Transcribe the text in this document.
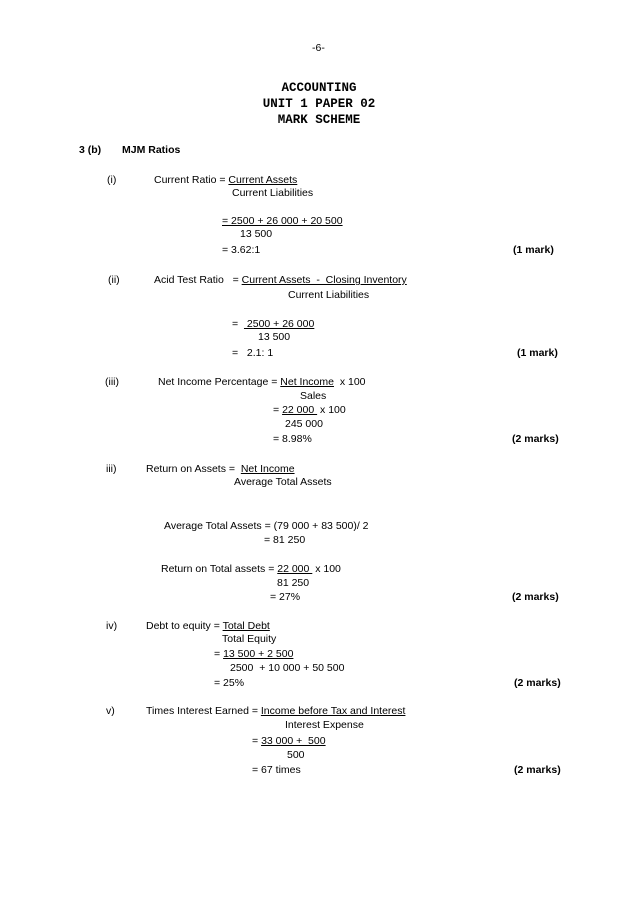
-6-
ACCOUNTING
UNIT 1 PAPER 02
MARK SCHEME
3 (b) MJM Ratios
(i)	Current Ratio = Current Assets
Current Liabilities
= 2500 + 26 000 + 20 500
13 500
= 3.62:1	(1 mark)
(ii)	Acid Test Ratio   = Current Assets  -  Closing Inventory
Current Liabilities
=   2500 + 26 000
13 500
=   2.1: 1	(1 mark)
(iii)	Net Income Percentage = Net Income  x 100
Sales
= 22 000  x 100
245 000
= 8.98%	(2 marks)
iii)	Return on Assets =  Net Income
Average Total Assets
Average Total Assets = (79 000 + 83 500)/ 2
= 81 250
Return on Total assets = 22 000  x 100
81 250
= 27%	(2 marks)
iv)	Debt to equity = Total Debt
Total Equity
= 13 500 + 2 500
2500  + 10 000 + 50 500
= 25%	(2 marks)
v)	Times Interest Earned = Income before Tax and Interest
Interest Expense
= 33 000 +  500
500
= 67 times	(2 marks)
